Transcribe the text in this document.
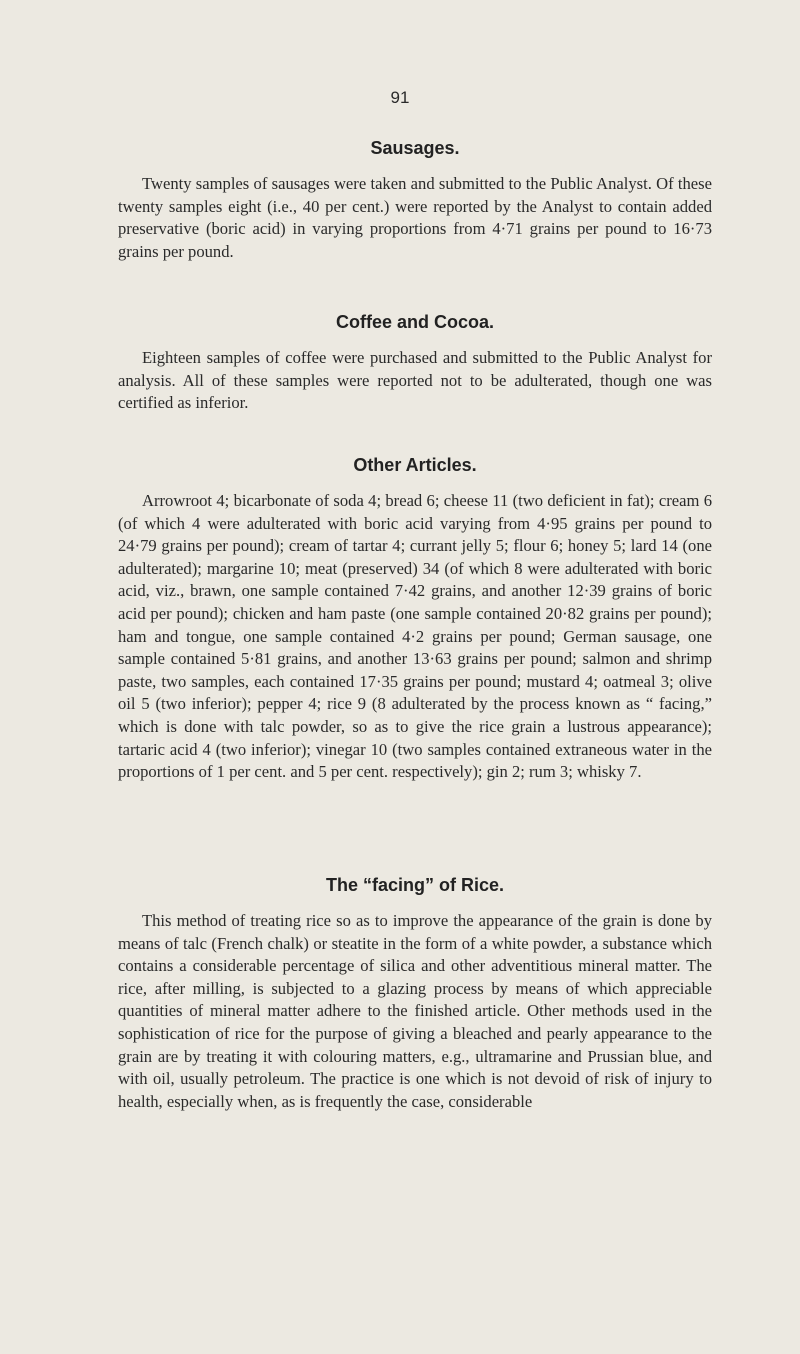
91
Sausages.

Twenty samples of sausages were taken and submitted to the Public Analyst. Of these twenty samples eight (i.e., 40 per cent.) were reported by the Analyst to contain added preservative (boric acid) in varying proportions from 4·71 grains per pound to 16·73 grains per pound.

Coffee and Cocoa.

Eighteen samples of coffee were purchased and submitted to the Public Analyst for analysis. All of these samples were reported not to be adulterated, though one was certified as inferior.

Other Articles.

Arrowroot 4; bicarbonate of soda 4; bread 6; cheese 11 (two deficient in fat); cream 6 (of which 4 were adulterated with boric acid varying from 4·95 grains per pound to 24·79 grains per pound); cream of tartar 4; currant jelly 5; flour 6; honey 5; lard 14 (one adulterated); margarine 10; meat (preserved) 34 (of which 8 were adulterated with boric acid, viz., brawn, one sample contained 7·42 grains, and another 12·39 grains of boric acid per pound); chicken and ham paste (one sample contained 20·82 grains per pound); ham and tongue, one sample contained 4·2 grains per pound; German sausage, one sample contained 5·81 grains, and another 13·63 grains per pound; salmon and shrimp paste, two samples, each contained 17·35 grains per pound; mustard 4; oatmeal 3; olive oil 5 (two inferior); pepper 4; rice 9 (8 adulterated by the process known as “ facing,” which is done with talc powder, so as to give the rice grain a lustrous appearance); tartaric acid 4 (two inferior); vinegar 10 (two samples contained extraneous water in the proportions of 1 per cent. and 5 per cent. respectively); gin 2; rum 3; whisky 7.

The “facing” of Rice.

This method of treating rice so as to improve the appearance of the grain is done by means of talc (French chalk) or steatite in the form of a white powder, a substance which contains a considerable percentage of silica and other adventitious mineral matter. The rice, after milling, is subjected to a glazing process by means of which appreciable quantities of mineral matter adhere to the finished article. Other methods used in the sophistication of rice for the purpose of giving a bleached and pearly appearance to the grain are by treating it with colouring matters, e.g., ultramarine and Prussian blue, and with oil, usually petroleum. The practice is one which is not devoid of risk of injury to health, especially when, as is frequently the case, considerable
